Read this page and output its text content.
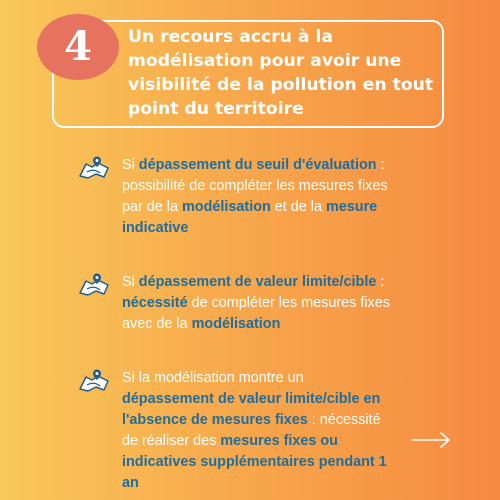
4 Un recours accru à la modélisation pour avoir une visibilité de la pollution en tout point du territoire

Si dépassement du seuil d'évaluation : possibilité de compléter les mesures fixes par de la modélisation et de la mesure indicative

Si dépassement de valeur limite/cible : nécessité de compléter les mesures fixes avec de la modélisation

Si la modélisation montre un dépassement de valeur limite/cible en l'absence de mesures fixes : nécessité de réaliser des mesures fixes ou indicatives supplémentaires pendant 1 an
